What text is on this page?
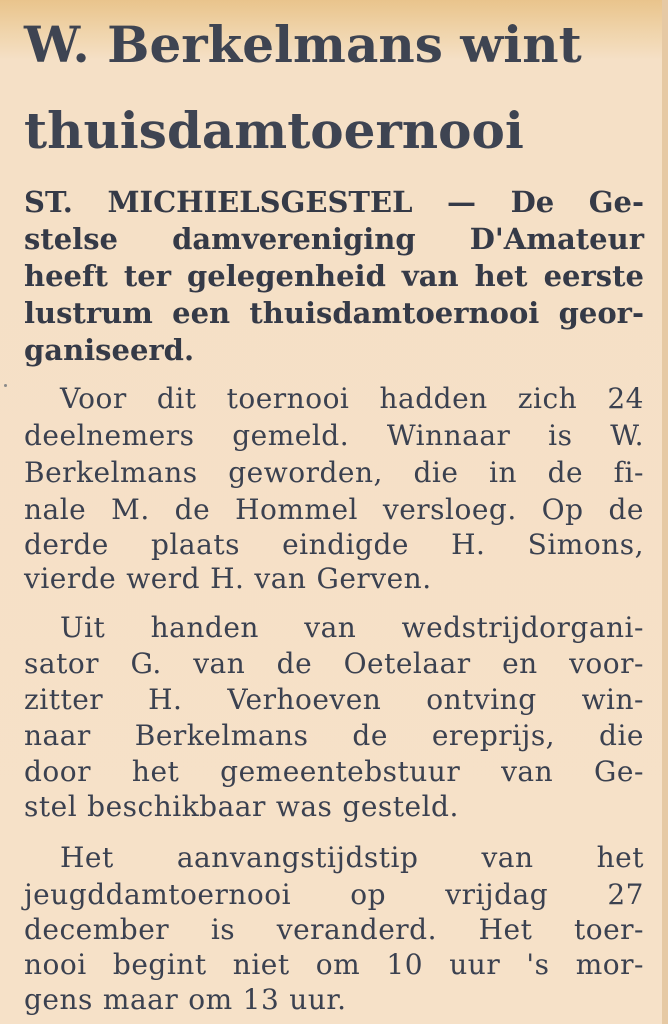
W. Berkelmans wint
thuisdamtoernooi
ST. MICHIELSGESTEL — De Ge-
stelse damvereniging D'Amateur
heeft ter gelegenheid van het eerste
lustrum een thuisdamtoernooi geor-
ganiseerd.
Voor dit toernooi hadden zich 24
deelnemers gemeld. Winnaar is W.
Berkelmans geworden, die in de fi-
nale M. de Hommel versloeg. Op de
derde plaats eindigde H. Simons,
vierde werd H. van Gerven.
Uit handen van wedstrijdorgani-
sator G. van de Oetelaar en voor-
zitter H. Verhoeven ontving win-
naar Berkelmans de ereprijs, die
door het gemeentebstuur van Ge-
stel beschikbaar was gesteld.
Het aanvangstijdstip van het
jeugddamtoernooi op vrijdag 27
december is veranderd. Het toer-
nooi begint niet om 10 uur 's mor-
gens maar om 13 uur.
